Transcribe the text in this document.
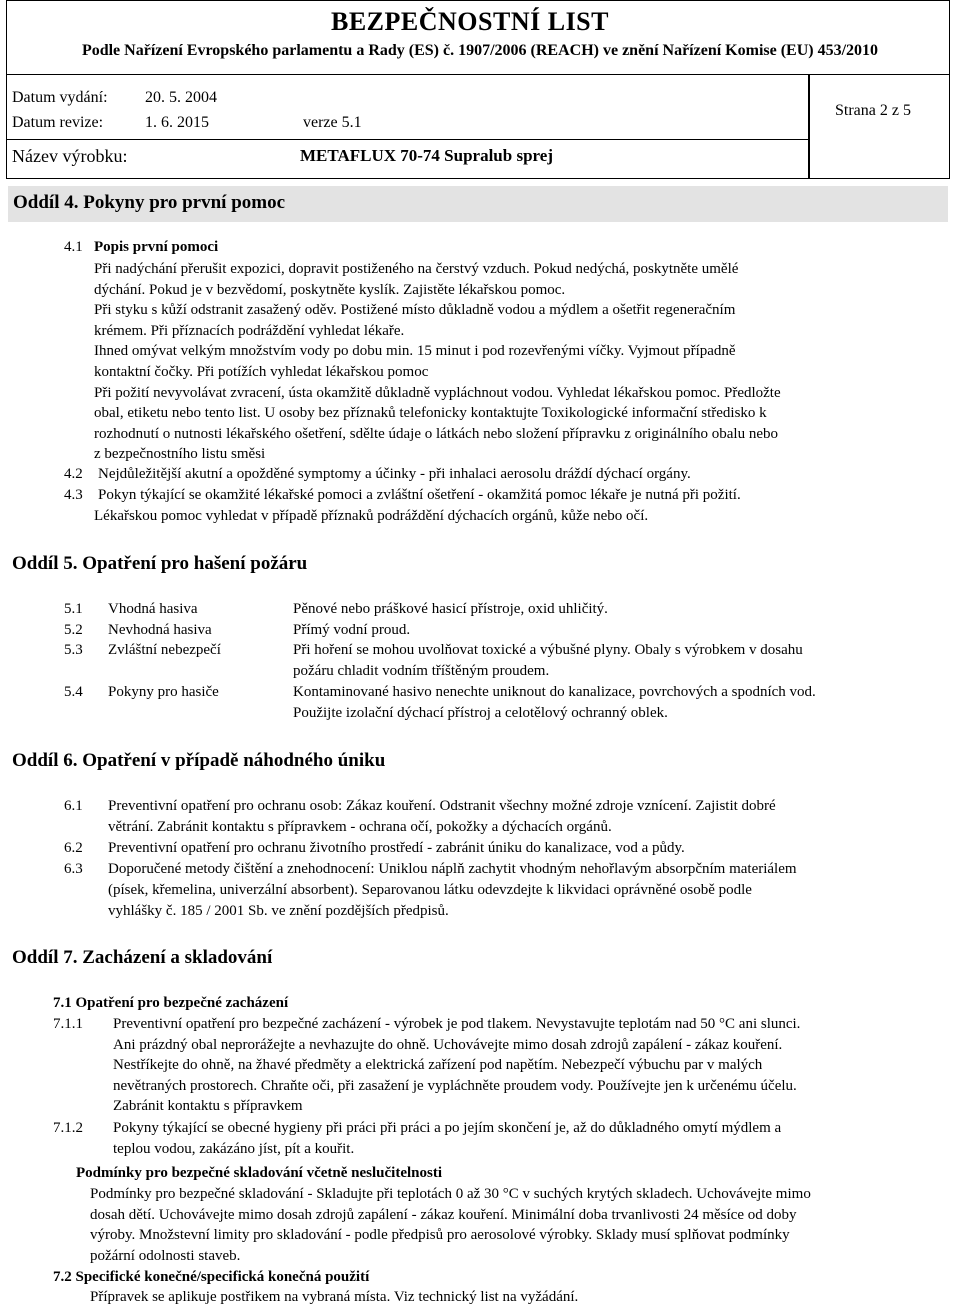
BEZPEČNOSTNÍ LIST
Podle Nařízení Evropského parlamentu a Rady (ES) č. 1907/2006 (REACH) ve znění Nařízení Komise (EU) 453/2010
Datum vydání: 20. 5. 2004
Datum revize:	1. 6. 2015	verze 5.1
Strana 2 z 5
Název výrobku:	METAFLUX 70-74 Supralub sprej
Oddíl 4. Pokyny pro první pomoc
4.1 Popis první pomoci
Při nadýchání přerušit expozici, dopravit postiženého na čerstvý vzduch. Pokud nedýchá, poskytněte umělé
dýchání. Pokud je v bezvědomí, poskytněte kyslík. Zajistěte lékařskou pomoc.
Při styku s kůží odstranit zasažený oděv. Postižené místo důkladně vodou a mýdlem a ošetřit regeneračním
krémem. Při příznacích podráždění vyhledat lékaře.
Ihned omývat velkým množstvím vody po dobu min. 15 minut i pod rozevřenými víčky. Vyjmout případně
kontaktní čočky. Při potížích vyhledat lékařskou pomoc
Při požití nevyvolávat zvracení, ústa okamžitě důkladně vypláchnout vodou. Vyhledat lékařskou pomoc. Předložte
obal, etiketu nebo tento list. U osoby bez příznaků telefonicky kontaktujte Toxikologické informační středisko k
rozhodnutí o nutnosti lékařského ošetření, sdělte údaje o látkách nebo složení přípravku z originálního obalu nebo
z bezpečnostního listu směsi
4.2 Nejdůležitější akutní a opožděné symptomy a účinky - při inhalaci aerosolu dráždí dýchací orgány.
4.3 Pokyn týkající se okamžité lékařské pomoci a zvláštní ošetření - okamžitá pomoc lékaře je nutná při požití.
Lékařskou pomoc vyhledat v případě příznaků podráždění dýchacích orgánů, kůže nebo očí.
Oddíl 5. Opatření pro hašení požáru
5.1 Vhodná hasiva	Pěnové nebo práškové hasicí přístroje, oxid uhličitý.
5.2 Nevhodná hasiva	Přímý vodní proud.
5.3 Zvláštní nebezpečí	Při hoření se mohou uvolňovat toxické a výbušné plyny. Obaly s výrobkem v dosahu
požáru chladit vodním tříštěným proudem.
5.4 Pokyny pro hasiče	Kontaminované hasivo nenechte uniknout do kanalizace, povrchových a spodních vod.
Použijte izolační dýchací přístroj a celotělový ochranný oblek.
Oddíl 6. Opatření v případě náhodného úniku
6.1 Preventivní opatření pro ochranu osob: Zákaz kouření. Odstranit všechny možné zdroje vznícení. Zajistit dobré
větrání. Zabránit kontaktu s přípravkem - ochrana očí, pokožky a dýchacích orgánů.
6.2 Preventivní opatření pro ochranu životního prostředí - zabránit úniku do kanalizace, vod a půdy.
6.3 Doporučené metody čištění a znehodnocení: Uniklou náplň zachytit vhodným nehořlavým absorpčním materiálem
(písek, křemelina, univerzální absorbent). Separovanou látku odevzdejte k likvidaci oprávněné osobě podle
vyhlášky č. 185 / 2001 Sb. ve znění pozdějších předpisů.
Oddíl 7. Zacházení a skladování
7.1 Opatření pro bezpečné zacházení
7.1.1 Preventivní opatření pro bezpečné zacházení - výrobek je pod tlakem. Nevystavujte teplotám nad 50 °C ani slunci.
Ani prázdný obal neprorážejte a nevhazujte do ohně. Uchovávejte mimo dosah zdrojů zapálení - zákaz kouření.
Nestříkejte do ohně, na žhavé předměty a elektrická zařízení pod napětím. Nebezpečí výbuchu par v malých
nevětraných prostorech. Chraňte oči, při zasažení je vypláchněte proudem vody. Používejte jen k určenému účelu.
Zabránit kontaktu s přípravkem
7.1.2 Pokyny týkající se obecné hygieny při práci při práci a po jejím skončení je, až do důkladného omytí mýdlem a
teplou vodou, zakázáno jíst, pít a kouřit.
Podmínky pro bezpečné skladování včetně neslučitelnosti
Podmínky pro bezpečné skladování - Skladujte při teplotách 0 až 30 °C v suchých krytých skladech. Uchovávejte mimo
dosah dětí. Uchovávejte mimo dosah zdrojů zapálení - zákaz kouření. Minimální doba trvanlivosti 24 měsíce od doby
výroby. Množstevní limity pro skladování - podle předpisů pro aerosolové výrobky. Sklady musí splňovat podmínky
požární odolnosti staveb.
7.2 Specifické konečné/specifická konečná použití
Přípravek se aplikuje postřikem na vybraná místa. Viz technický list na vyžádání.
